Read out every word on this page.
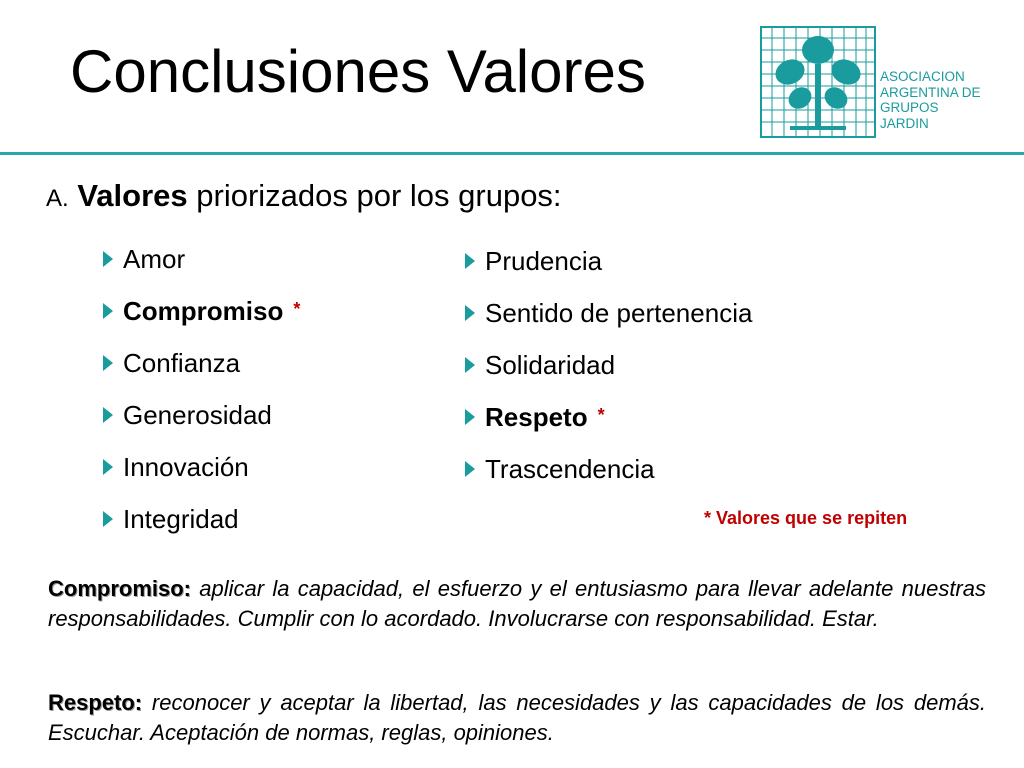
Conclusiones Valores	ASOCIACION
ARGENTINA DE
GRUPOS
JARDIN
A. Valores priorizados por los grupos:
Amor
Compromiso *
Confianza
Generosidad
Innovación
Integridad
Prudencia
Sentido de pertenencia
Solidaridad
Respeto *
Trascendencia
* Valores que se repiten
Compromiso: aplicar la capacidad, el esfuerzo y el entusiasmo para llevar adelante nuestras responsabilidades. Cumplir con lo acordado. Involucrarse con responsabilidad. Estar.
Respeto: reconocer y aceptar la libertad, las necesidades y las capacidades de los demás. Escuchar. Aceptación de normas, reglas, opiniones.
